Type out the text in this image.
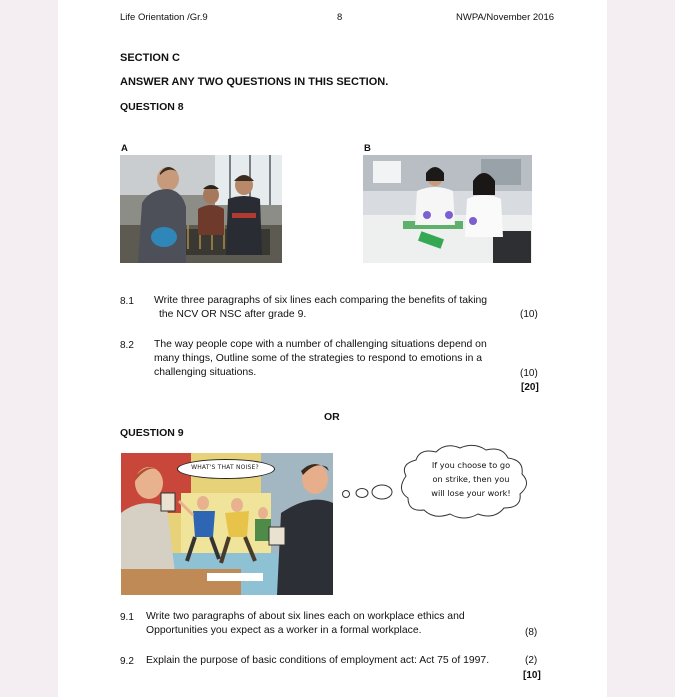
Life Orientation /Gr.9	8	NWPA/November 2016
SECTION C
ANSWER ANY TWO QUESTIONS IN THIS SECTION.
QUESTION 8
A	B
8.1 Write three paragraphs of six lines each comparing the benefits of taking
the NCV OR NSC after grade 9.	(10)
8.2 The way people cope with a number of challenging situations depend on
many things, Outline some of the strategies to respond to emotions in a
challenging situations.	(10)
[20]
OR
QUESTION 9
WHAT'S THAT NOISE?	If you choose to go
on strike, then you
will lose your work!
9.1 Write two paragraphs of about six lines each on workplace ethics and
Opportunities you expect as a worker in a formal workplace.	(8)
9.2 Explain the purpose of basic conditions of employment act: Act 75 of 1997.	(2)
[10]
